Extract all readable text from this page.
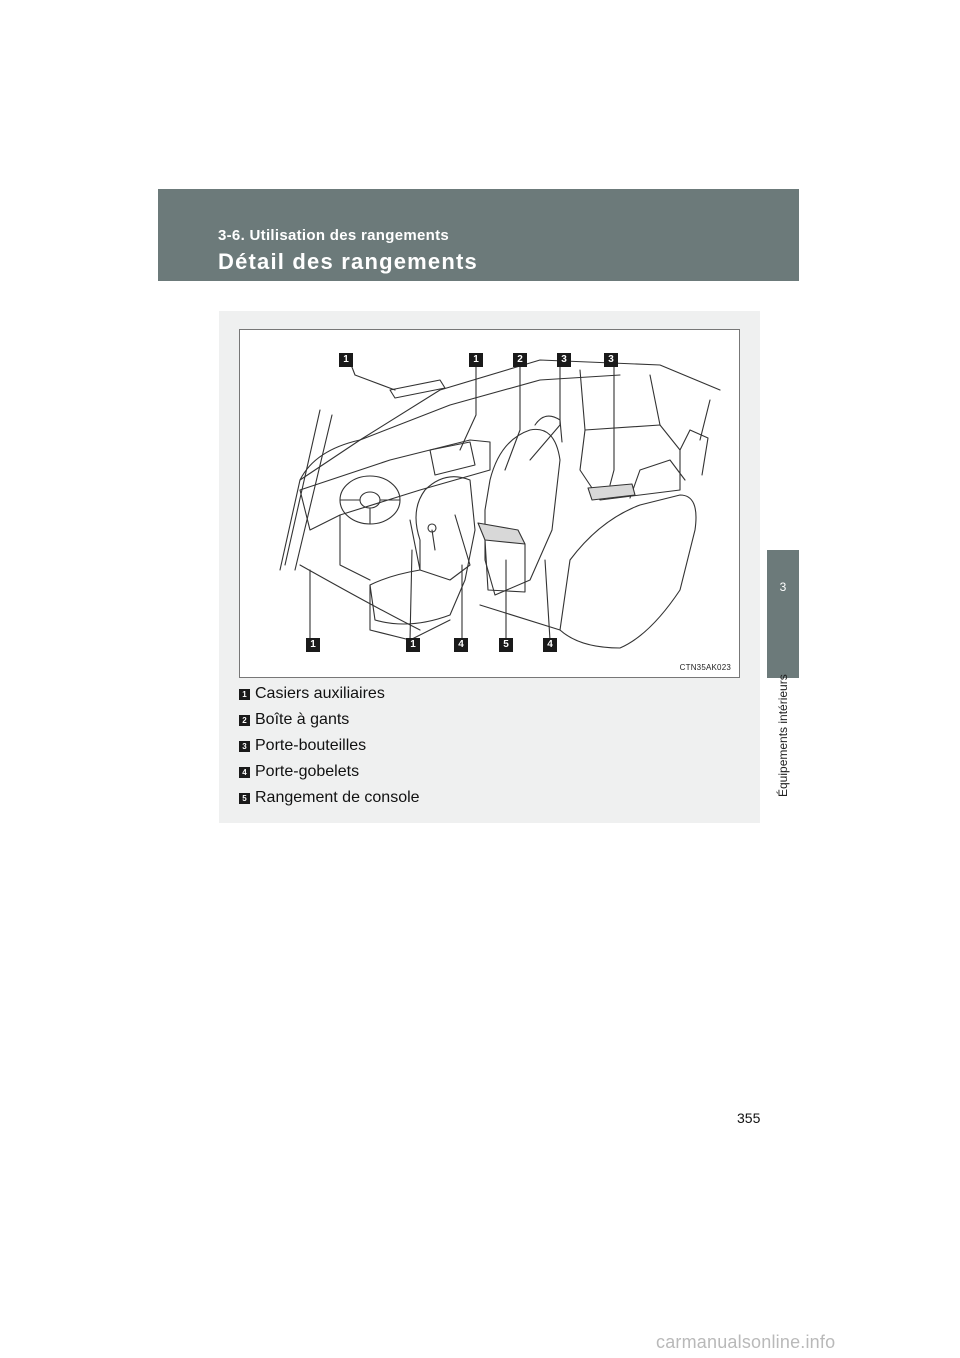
3-6. Utilisation des rangements
Détail des rangements
3
Équipements intérieurs
1	1	2	3	3
1	1	4	5	4
CTN35AK023
1 Casiers auxiliaires
2 Boîte à gants
3 Porte-bouteilles
4 Porte-gobelets
5 Rangement de console
355
carmanualsonline.info
